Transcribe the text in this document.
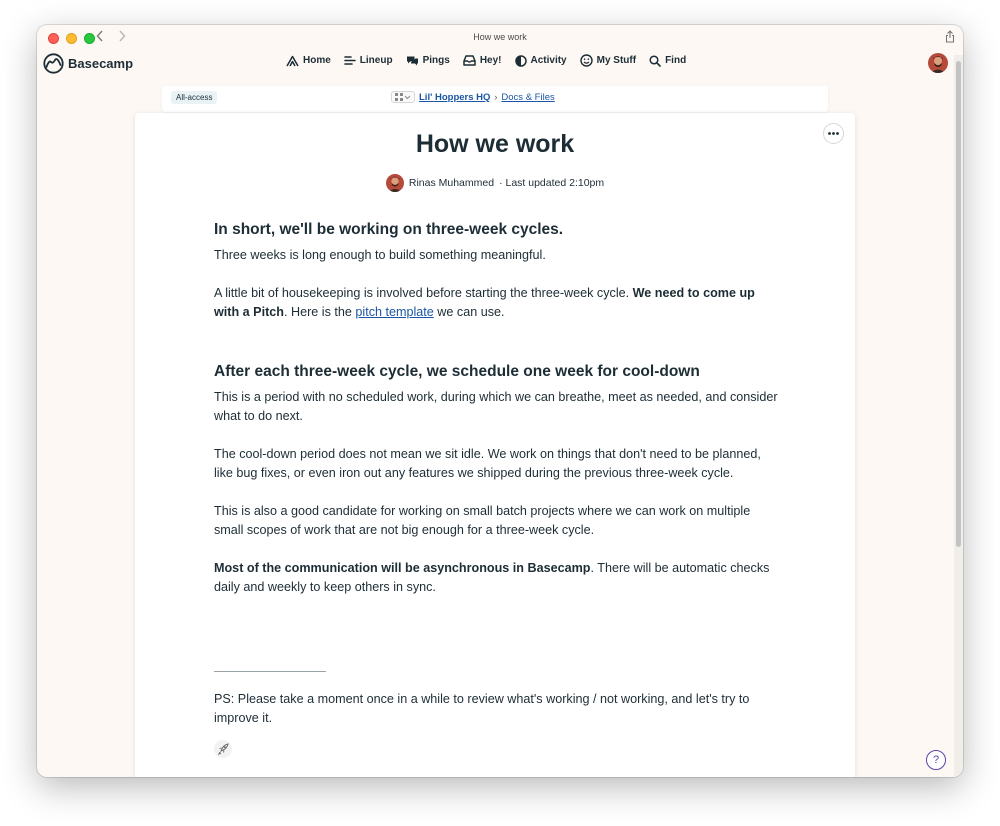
How we work
Basecamp	Home	Lineup	Pings	Hey!	Activity	My Stuff	Find
All-access	Lil' Hoppers HQ › Docs & Files
How we work
Rinas Muhammed · Last updated 2:10pm
In short, we'll be working on three-week cycles.

Three weeks is long enough to build something meaningful.

A little bit of housekeeping is involved before starting the three-week cycle. We need to come up with a Pitch. Here is the pitch template we can use.

After each three-week cycle, we schedule one week for cool-down

This is a period with no scheduled work, during which we can breathe, meet as needed, and consider what to do next.

The cool-down period does not mean we sit idle. We work on things that don't need to be planned, like bug fixes, or even iron out any features we shipped during the previous three-week cycle.

This is also a good candidate for working on small batch projects where we can work on multiple small scopes of work that are not big enough for a three-week cycle.

Most of the communication will be asynchronous in Basecamp. There will be automatic checks daily and weekly to keep others in sync.

PS: Please take a moment once in a while to review what's working / not working, and let's try to improve it.

?
